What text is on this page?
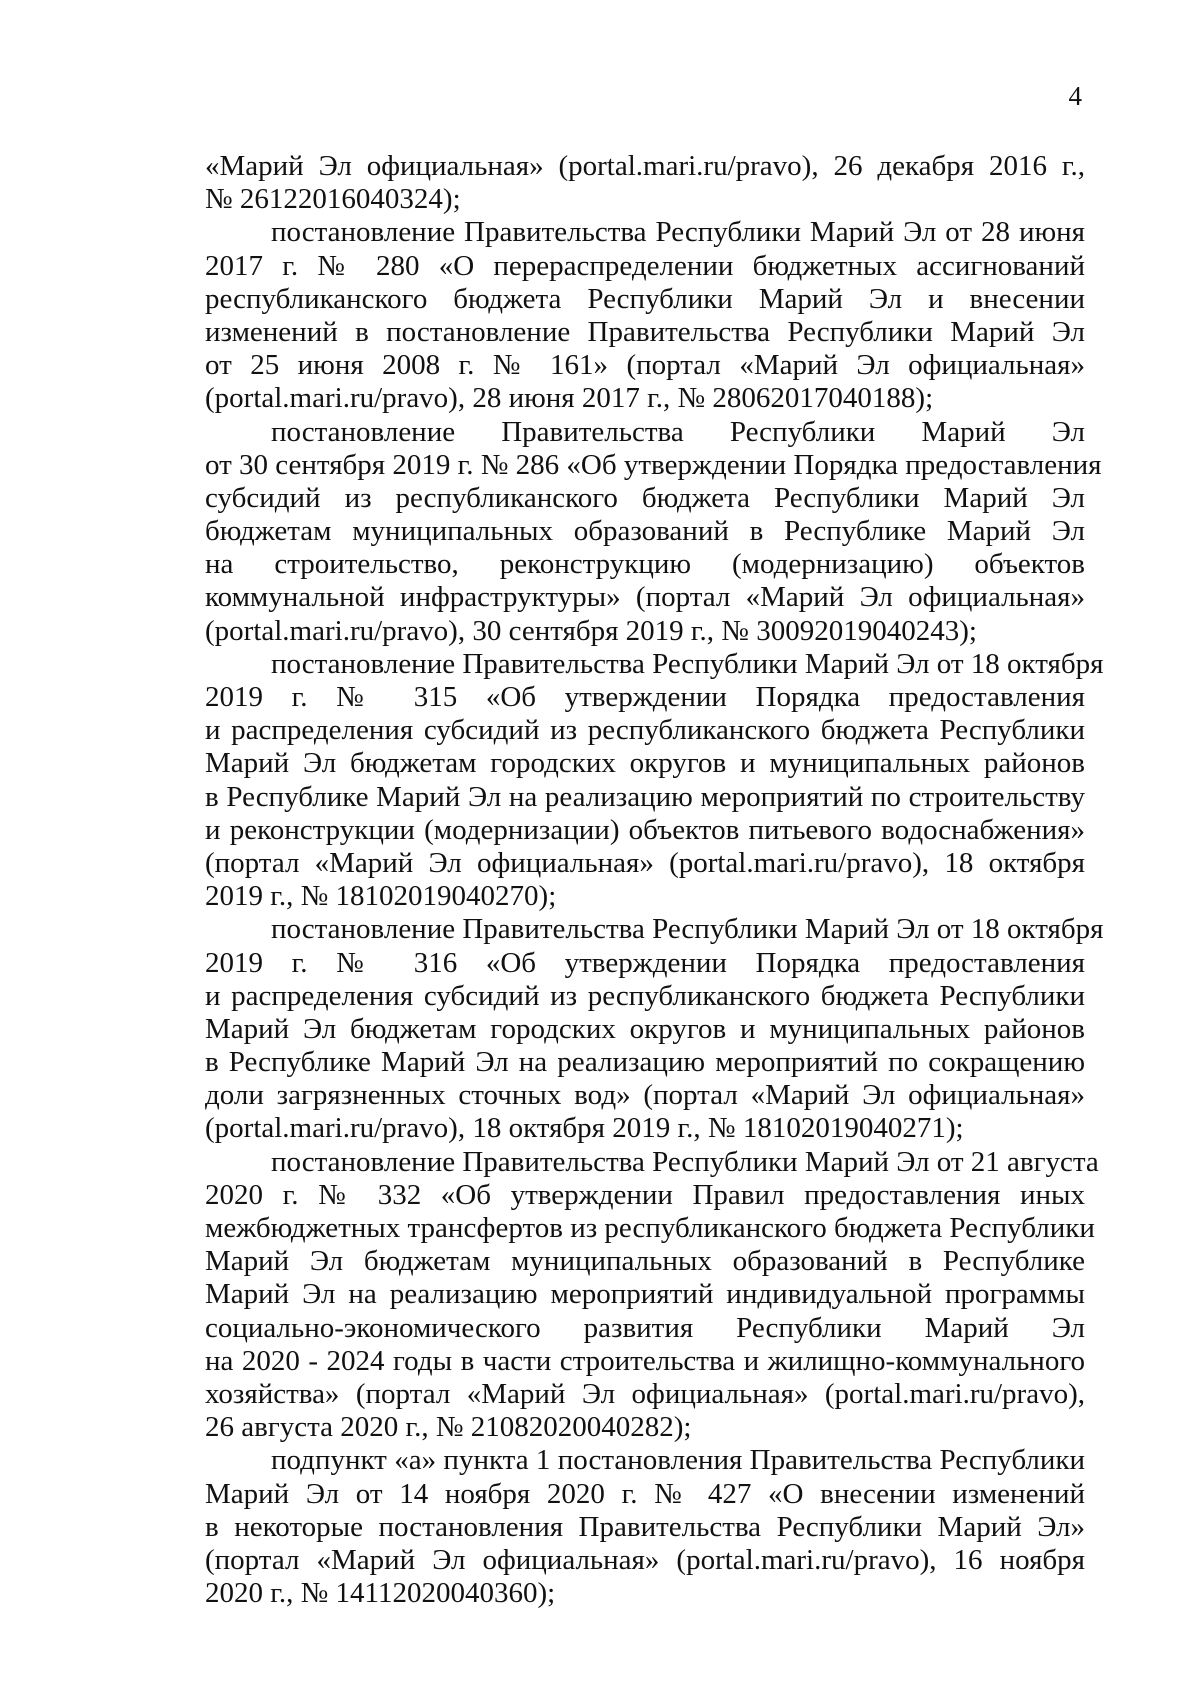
4
«Марий Эл официальная» (portal.mari.ru/pravo), 26 декабря 2016 г.,
№ 26122016040324);
постановление Правительства Республики Марий Эл от 28 июня
2017 г. № 280 «О перераспределении бюджетных ассигнований
республиканского бюджета Республики Марий Эл и внесении
изменений в постановление Правительства Республики Марий Эл
от 25 июня 2008 г. № 161» (портал «Марий Эл официальная»
(portal.mari.ru/pravo), 28 июня 2017 г., № 28062017040188);
постановление Правительства Республики Марий Эл
от 30 сентября 2019 г. № 286 «Об утверждении Порядка предоставления
субсидий из республиканского бюджета Республики Марий Эл
бюджетам муниципальных образований в Республике Марий Эл
на строительство, реконструкцию (модернизацию) объектов
коммунальной инфраструктуры» (портал «Марий Эл официальная»
(portal.mari.ru/pravo), 30 сентября 2019 г., № 30092019040243);
постановление Правительства Республики Марий Эл от 18 октября
2019 г. № 315 «Об утверждении Порядка предоставления
и распределения субсидий из республиканского бюджета Республики
Марий Эл бюджетам городских округов и муниципальных районов
в Республике Марий Эл на реализацию мероприятий по строительству
и реконструкции (модернизации) объектов питьевого водоснабжения»
(портал «Марий Эл официальная» (portal.mari.ru/pravo), 18 октября
2019 г., № 18102019040270);
постановление Правительства Республики Марий Эл от 18 октября
2019 г. № 316 «Об утверждении Порядка предоставления
и распределения субсидий из республиканского бюджета Республики
Марий Эл бюджетам городских округов и муниципальных районов
в Республике Марий Эл на реализацию мероприятий по сокращению
доли загрязненных сточных вод» (портал «Марий Эл официальная»
(portal.mari.ru/pravo), 18 октября 2019 г., № 18102019040271);
постановление Правительства Республики Марий Эл от 21 августа
2020 г. № 332 «Об утверждении Правил предоставления иных
межбюджетных трансфертов из республиканского бюджета Республики
Марий Эл бюджетам муниципальных образований в Республике
Марий Эл на реализацию мероприятий индивидуальной программы
социально-экономического развития Республики Марий Эл
на 2020 - 2024 годы в части строительства и жилищно-коммунального
хозяйства» (портал «Марий Эл официальная» (portal.mari.ru/pravo),
26 августа 2020 г., № 21082020040282);
подпункт «а» пункта 1 постановления Правительства Республики
Марий Эл от 14 ноября 2020 г. № 427 «О внесении изменений
в некоторые постановления Правительства Республики Марий Эл»
(портал «Марий Эл официальная» (portal.mari.ru/pravo), 16 ноября
2020 г., № 14112020040360);
